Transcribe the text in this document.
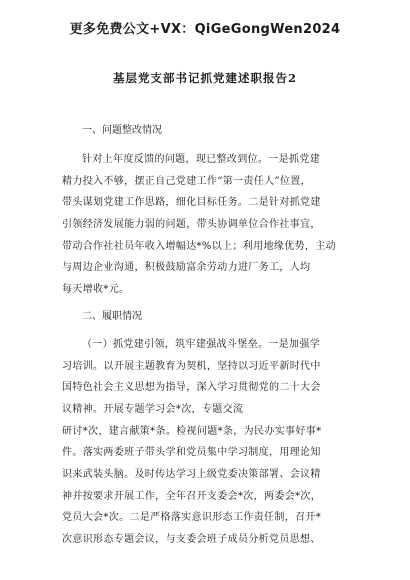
更多免费公文+VX：QiGeGongWen2024
基层党支部书记抓党建述职报告2
一、问题整改情况
针对上年度反馈的问题，现已整改到位。一是抓党建
精力投入不够，摆正自己党建工作“第一责任人”位置，
带头谋划党建工作思路，细化目标任务。二是针对抓党建
引领经济发展能力弱的问题，带头协调单位合作社事宜，
带动合作社社员年收入增幅达*%以上；利用地缘优势，主动
与周边企业沟通，积极鼓励富余劳动力进厂务工，人均
每天增收*元。
二、履职情况
（一）抓党建引领，筑牢建强战斗堡垒。一是加强学
习培训。以开展主题教育为契机，坚持以习近平新时代中
国特色社会主义思想为指导，深入学习贯彻党的二十大会
议精神。开展专题学习会*次，专题交流
研讨*次，建言献策*条。检视问题*条，为民办实事好事*
件。落实两委班子带头学和党员集中学习制度，用理论知
识来武装头脑。及时传达学习上级党委决策部署、会议精
神并按要求开展工作，全年召开支委会*次，两委会*次，
党员大会*次。二是严格落实意识形态工作责任制，召开*
次意识形态专题会议，与支委会班子成员分析党员思想、
